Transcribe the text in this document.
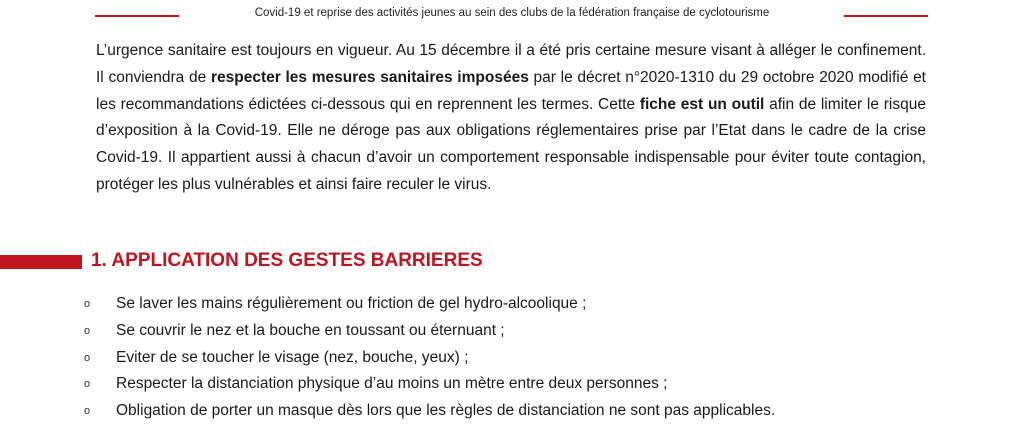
Covid-19 et reprise des activités jeunes au sein des clubs de la fédération française de cyclotourisme

L’urgence sanitaire est toujours en vigueur. Au 15 décembre il a été pris certaine mesure visant à alléger le confinement. Il conviendra de respecter les mesures sanitaires imposées par le décret n°2020-1310 du 29 octobre 2020 modifié et les recommandations édictées ci-dessous qui en reprennent les termes. Cette fiche est un outil afin de limiter le risque d’exposition à la Covid-19. Elle ne déroge pas aux obligations réglementaires prise par l’Etat dans le cadre de la crise Covid-19. Il appartient aussi à chacun d’avoir un comportement responsable indispensable pour éviter toute contagion, protéger les plus vulnérables et ainsi faire reculer le virus.

1. APPLICATION DES GESTES BARRIERES
o Se laver les mains régulièrement ou friction de gel hydro-alcoolique ;
o Se couvrir le nez et la bouche en toussant ou éternuant ;
o Eviter de se toucher le visage (nez, bouche, yeux) ;
o Respecter la distanciation physique d’au moins un mètre entre deux personnes ;
o Obligation de porter un masque dès lors que les règles de distanciation ne sont pas applicables.
